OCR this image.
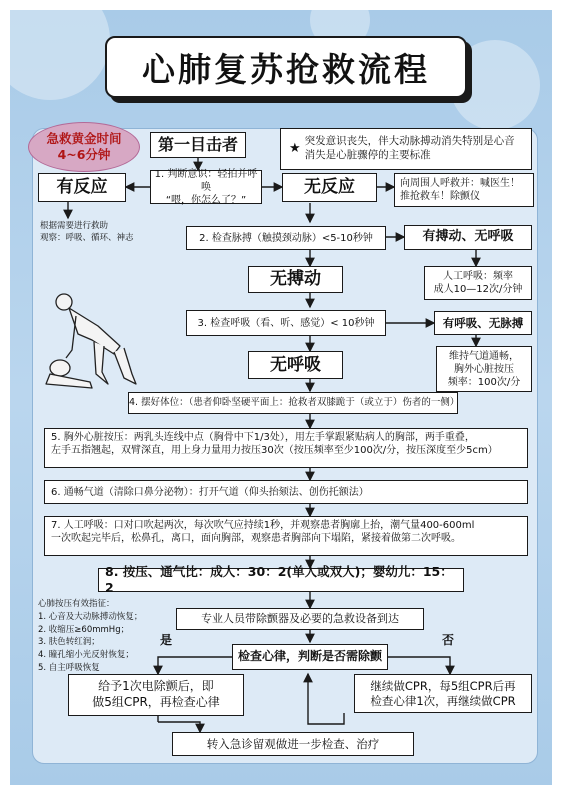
心肺复苏抢救流程
急救黄金时间
4~6分钟
第一目击者	★ 突发意识丧失，伴大动脉搏动消失特别是心音消失是心脏骤停的主要标准
1. 判断意识：轻拍并呼唤
“喂，你怎么了？”
有反应	无反应	向周围人呼救并：喊医生！推抢救车！除颤仪
根据需要进行救助
观察：呼吸、循环、神志	2. 检查脉搏（触摸颈动脉）<5-10秒钟	有搏动、无呼吸
人工呼吸：频率
成人10—12次/分钟
无搏动
3. 检查呼吸（看、听、感觉）< 10秒钟	有呼吸、无脉搏
维持气道通畅，
胸外心脏按压
频率：100次/分
无呼吸
4. 摆好体位：（患者仰卧坚硬平面上：抢救者双膝跪于（或立于）伤者的一侧）
5. 胸外心脏按压：两乳头连线中点（胸骨中下1/3处），用左手掌跟紧贴病人的胸部，两手重叠，
左手五指翘起，双臂深直，用上身力量用力按压30次（按压频率至少100次/分，按压深度至少5cm）
6. 通畅气道（清除口鼻分泌物）：打开气道（仰头抬颏法、创伤托额法）
7. 人工呼吸：口对口吹起两次，每次吹气应持续1秒，并观察患者胸廓上抬，潮气量400-600ml
一次吹起完毕后，松鼻孔，离口，面向胸部，观察患者胸部向下塌陷，紧接着做第二次呼吸。
8. 按压、通气比：成人：30：2(单人或双人)；婴幼儿：15：2
心肺按压有效指征：
1. 心音及大动脉搏动恢复；
2. 收缩压≥60mmHg；
3. 肤色转红润；
4. 瞳孔缩小光反射恢复；
5. 自主呼吸恢复
专业人员带除颤器及必要的急救设备到达
是	否
检查心律，判断是否需除颤
给予1次电除颤后，即
做5组CPR，再检查心律
继续做CPR，每5组CPR后再
检查心律1次，再继续做CPR
转入急诊留观做进一步检查、治疗
